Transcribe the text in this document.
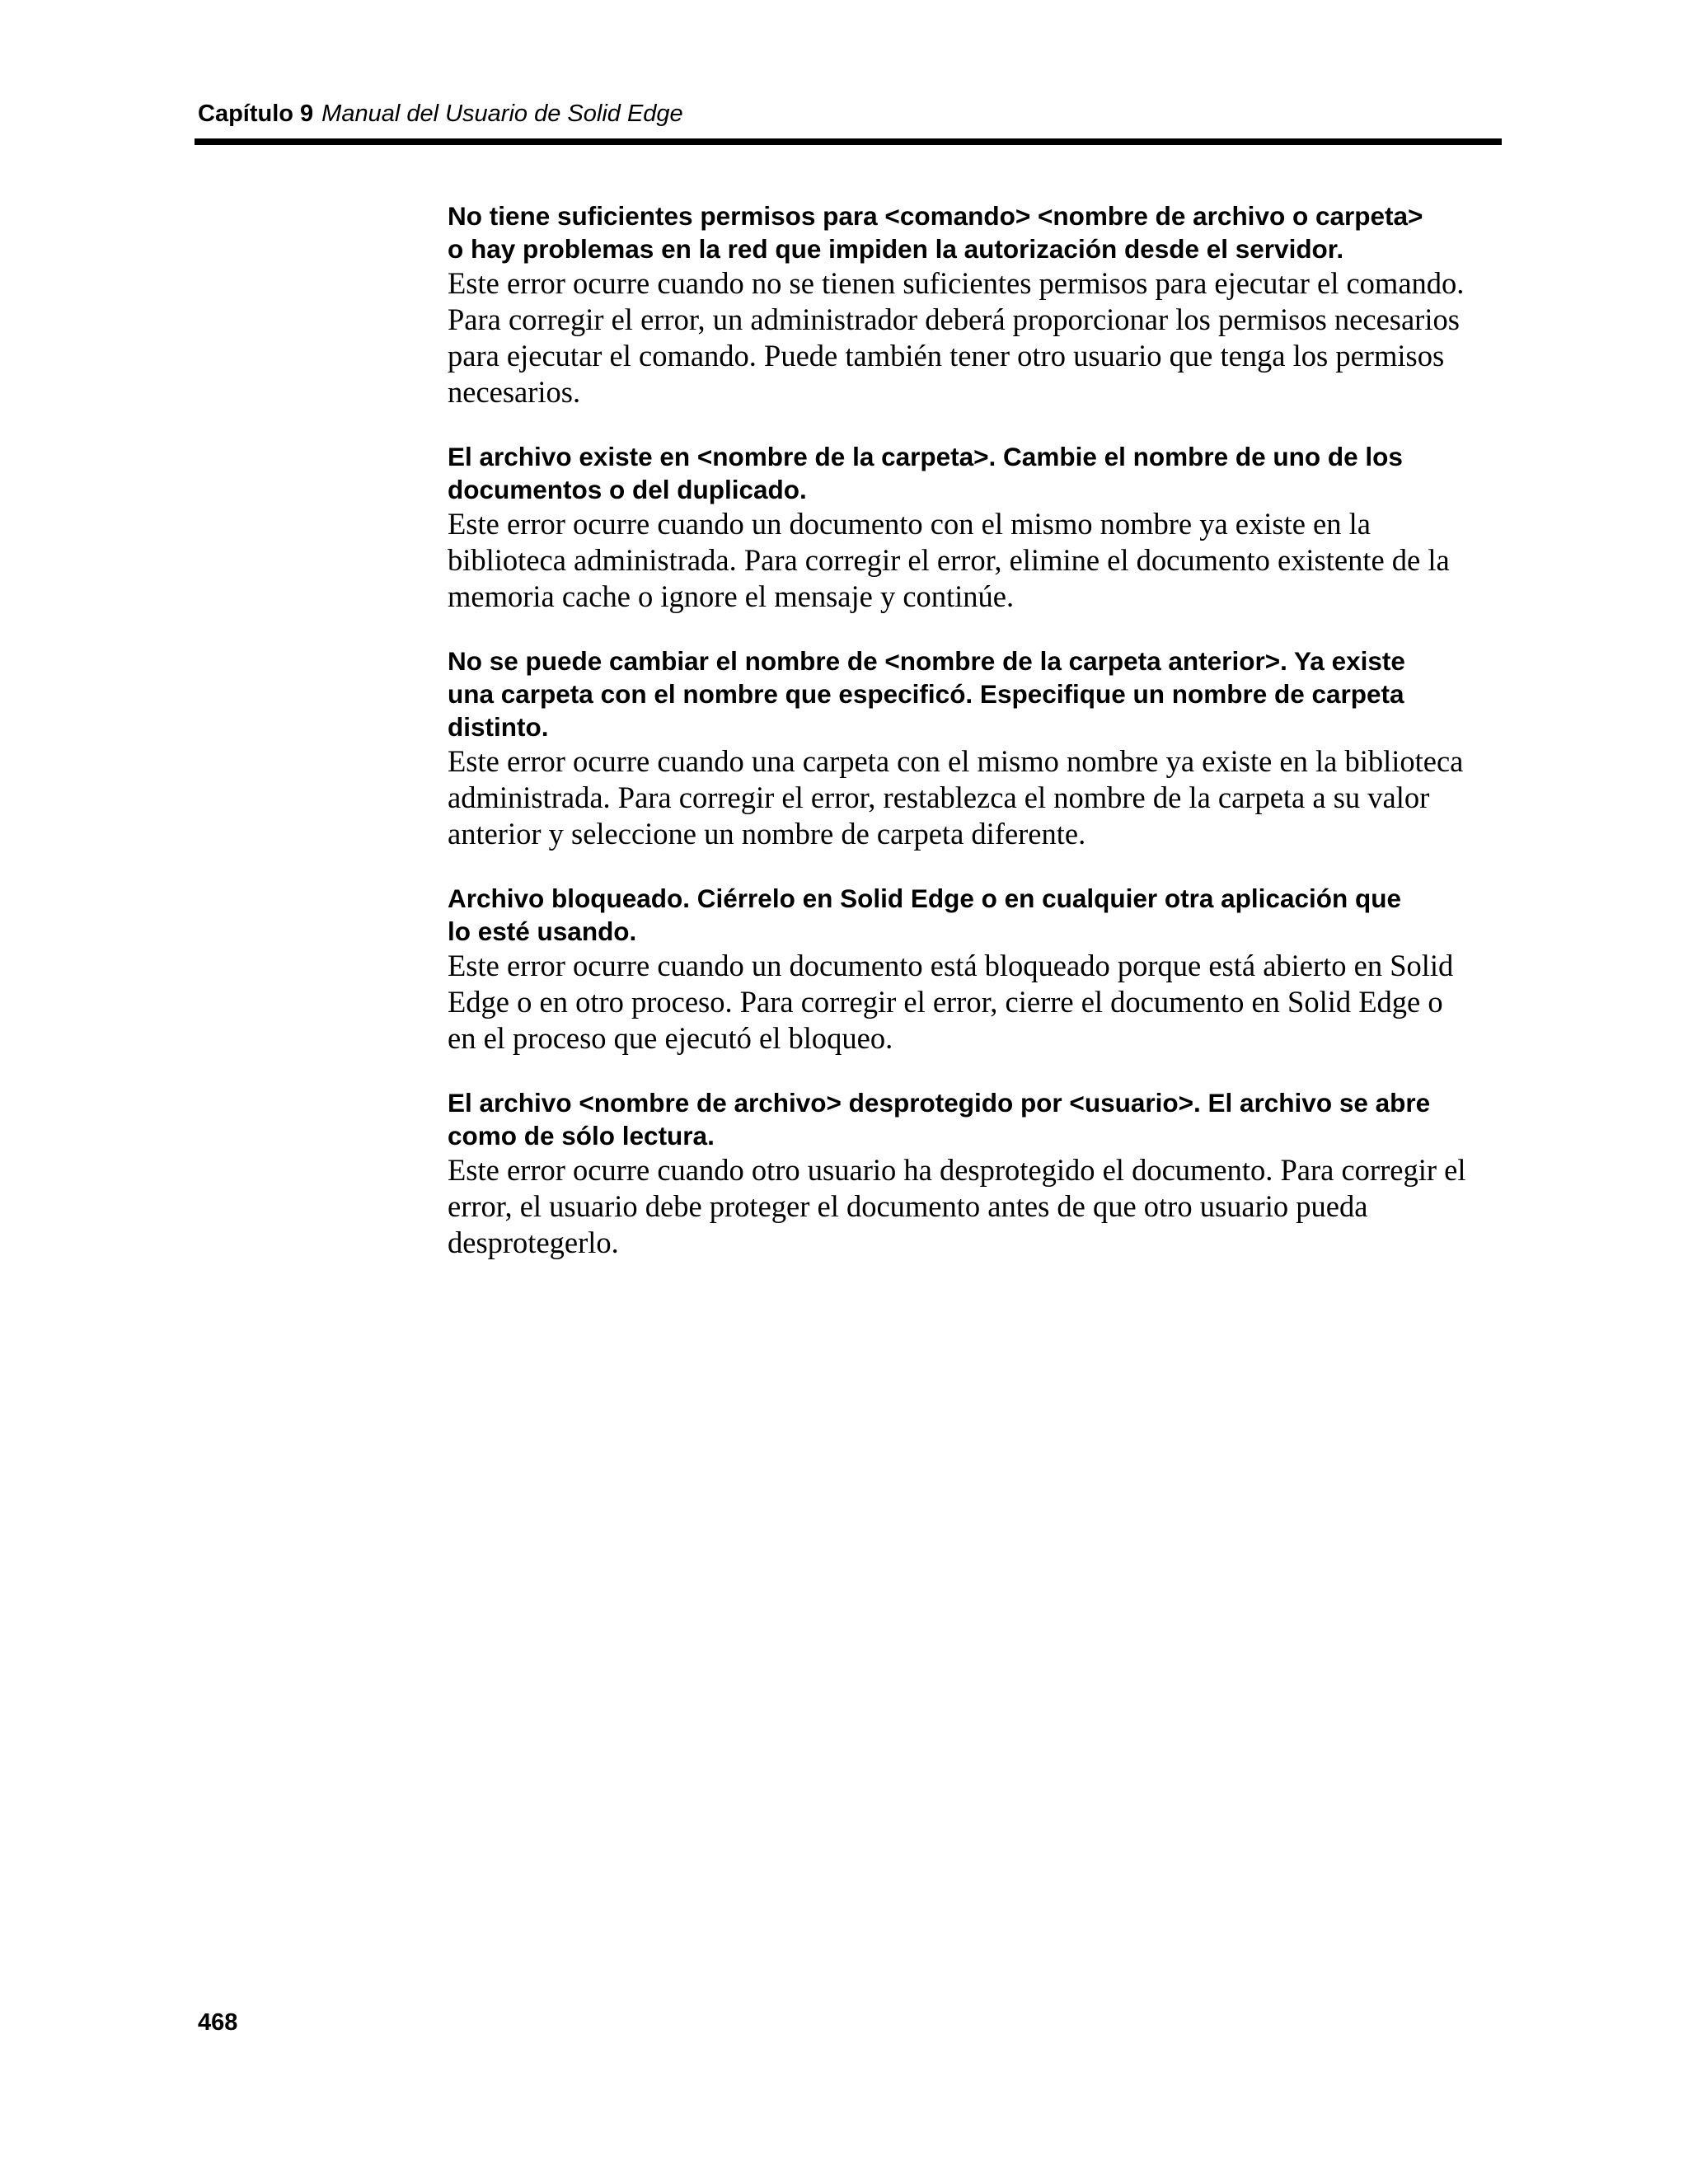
Capítulo 9 Manual del Usuario de Solid Edge
No tiene suficientes permisos para <comando> <nombre de archivo o carpeta>
o hay problemas en la red que impiden la autorización desde el servidor.
Este error ocurre cuando no se tienen suficientes permisos para ejecutar el comando.
Para corregir el error, un administrador deberá proporcionar los permisos necesarios
para ejecutar el comando. Puede también tener otro usuario que tenga los permisos
necesarios.
El archivo existe en <nombre de la carpeta>. Cambie el nombre de uno de los
documentos o del duplicado.
Este error ocurre cuando un documento con el mismo nombre ya existe en la
biblioteca administrada. Para corregir el error, elimine el documento existente de la
memoria cache o ignore el mensaje y continúe.
No se puede cambiar el nombre de <nombre de la carpeta anterior>. Ya existe
una carpeta con el nombre que especificó. Especifique un nombre de carpeta
distinto.
Este error ocurre cuando una carpeta con el mismo nombre ya existe en la biblioteca
administrada. Para corregir el error, restablezca el nombre de la carpeta a su valor
anterior y seleccione un nombre de carpeta diferente.
Archivo bloqueado. Ciérrelo en Solid Edge o en cualquier otra aplicación que
lo esté usando.
Este error ocurre cuando un documento está bloqueado porque está abierto en Solid
Edge o en otro proceso. Para corregir el error, cierre el documento en Solid Edge o
en el proceso que ejecutó el bloqueo.
El archivo <nombre de archivo> desprotegido por <usuario>. El archivo se abre
como de sólo lectura.
Este error ocurre cuando otro usuario ha desprotegido el documento. Para corregir el
error, el usuario debe proteger el documento antes de que otro usuario pueda
desprotegerlo.
468
